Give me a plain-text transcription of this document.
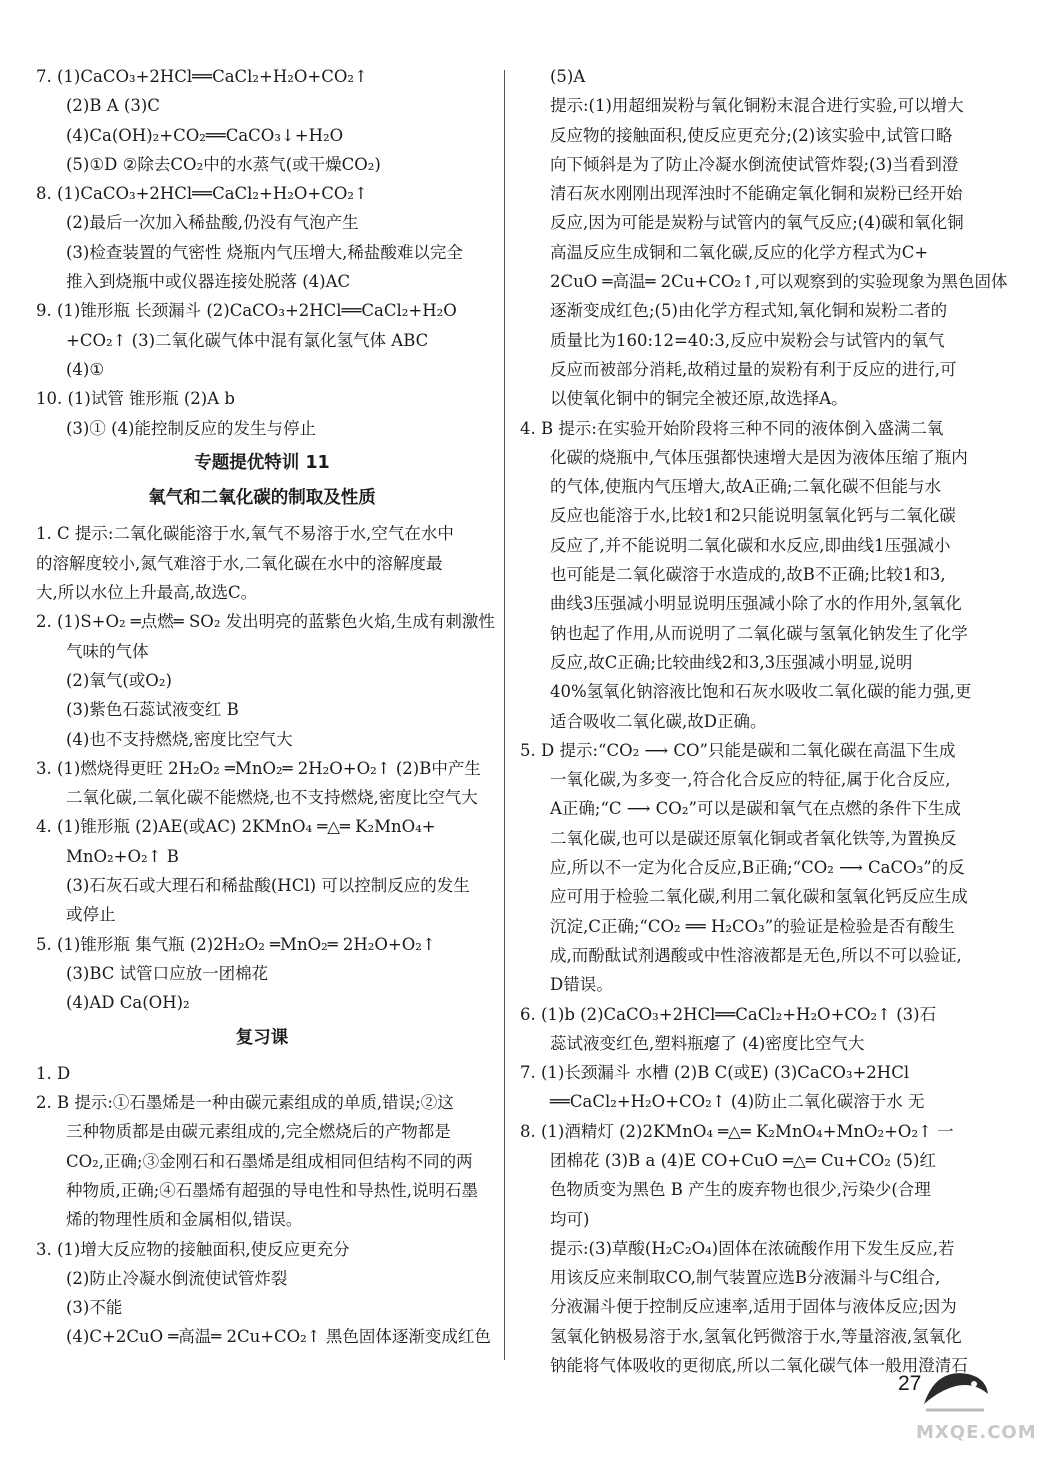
7. (1)CaCO₃+2HCl══CaCl₂+H₂O+CO₂↑
(2)B A (3)C
(4)Ca(OH)₂+CO₂══CaCO₃↓+H₂O
(5)①D ②除去CO₂中的水蒸气(或干燥CO₂)
8. (1)CaCO₃+2HCl══CaCl₂+H₂O+CO₂↑
(2)最后一次加入稀盐酸,仍没有气泡产生
(3)检查装置的气密性 烧瓶内气压增大,稀盐酸难以完全
推入到烧瓶中或仪器连接处脱落 (4)AC
9. (1)锥形瓶 长颈漏斗 (2)CaCO₃+2HCl══CaCl₂+H₂O
+CO₂↑ (3)二氧化碳气体中混有氯化氢气体 ABC
(4)①
10. (1)试管 锥形瓶 (2)A b
(3)① (4)能控制反应的发生与停止
专题提优特训 11
氧气和二氧化碳的制取及性质
1. C 提示:二氧化碳能溶于水,氧气不易溶于水,空气在水中
的溶解度较小,氮气难溶于水,二氧化碳在水中的溶解度最
大,所以水位上升最高,故选C。
2. (1)S+O₂ ═点燃═ SO₂ 发出明亮的蓝紫色火焰,生成有刺激性
气味的气体
(2)氧气(或O₂)
(3)紫色石蕊试液变红 B
(4)也不支持燃烧,密度比空气大
3. (1)燃烧得更旺 2H₂O₂ ═MnO₂═ 2H₂O+O₂↑ (2)B中产生
二氧化碳,二氧化碳不能燃烧,也不支持燃烧,密度比空气大
4. (1)锥形瓶 (2)AE(或AC) 2KMnO₄ ═△═ K₂MnO₄+
MnO₂+O₂↑ B
(3)石灰石或大理石和稀盐酸(HCl) 可以控制反应的发生
或停止
5. (1)锥形瓶 集气瓶 (2)2H₂O₂ ═MnO₂═ 2H₂O+O₂↑
(3)BC 试管口应放一团棉花
(4)AD Ca(OH)₂
复习课
1. D
2. B 提示:①石墨烯是一种由碳元素组成的单质,错误;②这
三种物质都是由碳元素组成的,完全燃烧后的产物都是
CO₂,正确;③金刚石和石墨烯是组成相同但结构不同的两
种物质,正确;④石墨烯有超强的导电性和导热性,说明石墨
烯的物理性质和金属相似,错误。
3. (1)增大反应物的接触面积,使反应更充分
(2)防止冷凝水倒流使试管炸裂
(3)不能
(4)C+2CuO ═高温═ 2Cu+CO₂↑ 黑色固体逐渐变成红色
(5)A
提示:(1)用超细炭粉与氧化铜粉末混合进行实验,可以增大
反应物的接触面积,使反应更充分;(2)该实验中,试管口略
向下倾斜是为了防止冷凝水倒流使试管炸裂;(3)当看到澄
清石灰水刚刚出现浑浊时不能确定氧化铜和炭粉已经开始
反应,因为可能是炭粉与试管内的氧气反应;(4)碳和氧化铜
高温反应生成铜和二氧化碳,反应的化学方程式为C+
2CuO ═高温═ 2Cu+CO₂↑,可以观察到的实验现象为黑色固体
逐渐变成红色;(5)由化学方程式知,氧化铜和炭粉二者的
质量比为160:12=40:3,反应中炭粉会与试管内的氧气
反应而被部分消耗,故稍过量的炭粉有利于反应的进行,可
以使氧化铜中的铜完全被还原,故选择A。
4. B 提示:在实验开始阶段将三种不同的液体倒入盛满二氧
化碳的烧瓶中,气体压强都快速增大是因为液体压缩了瓶内
的气体,使瓶内气压增大,故A正确;二氧化碳不但能与水
反应也能溶于水,比较1和2只能说明氢氧化钙与二氧化碳
反应了,并不能说明二氧化碳和水反应,即曲线1压强减小
也可能是二氧化碳溶于水造成的,故B不正确;比较1和3,
曲线3压强减小明显说明压强减小除了水的作用外,氢氧化
钠也起了作用,从而说明了二氧化碳与氢氧化钠发生了化学
反应,故C正确;比较曲线2和3,3压强减小明显,说明
40%氢氧化钠溶液比饱和石灰水吸收二氧化碳的能力强,更
适合吸收二氧化碳,故D正确。
5. D 提示:“CO₂ ⟶ CO”只能是碳和二氧化碳在高温下生成
一氧化碳,为多变一,符合化合反应的特征,属于化合反应,
A正确;“C ⟶ CO₂”可以是碳和氧气在点燃的条件下生成
二氧化碳,也可以是碳还原氧化铜或者氧化铁等,为置换反
应,所以不一定为化合反应,B正确;“CO₂ ⟶ CaCO₃”的反
应可用于检验二氧化碳,利用二氧化碳和氢氧化钙反应生成
沉淀,C正确;“CO₂ ══ H₂CO₃”的验证是检验是否有酸生
成,而酚酞试剂遇酸或中性溶液都是无色,所以不可以验证,
D错误。
6. (1)b (2)CaCO₃+2HCl══CaCl₂+H₂O+CO₂↑ (3)石
蕊试液变红色,塑料瓶瘪了 (4)密度比空气大
7. (1)长颈漏斗 水槽 (2)B C(或E) (3)CaCO₃+2HCl
══CaCl₂+H₂O+CO₂↑ (4)防止二氧化碳溶于水 无
8. (1)酒精灯 (2)2KMnO₄ ═△═ K₂MnO₄+MnO₂+O₂↑ 一
团棉花 (3)B a (4)E CO+CuO ═△═ Cu+CO₂ (5)红
色物质变为黑色 B 产生的废弃物也很少,污染少(合理
均可)
提示:(3)草酸(H₂C₂O₄)固体在浓硫酸作用下发生反应,若
用该反应来制取CO,制气装置应选B分液漏斗与C组合,
分液漏斗便于控制反应速率,适用于固体与液体反应;因为
氢氧化钠极易溶于水,氢氧化钙微溶于水,等量溶液,氢氧化
钠能将气体吸收的更彻底,所以二氧化碳气体一般用澄清石
27
MXQE.COM
